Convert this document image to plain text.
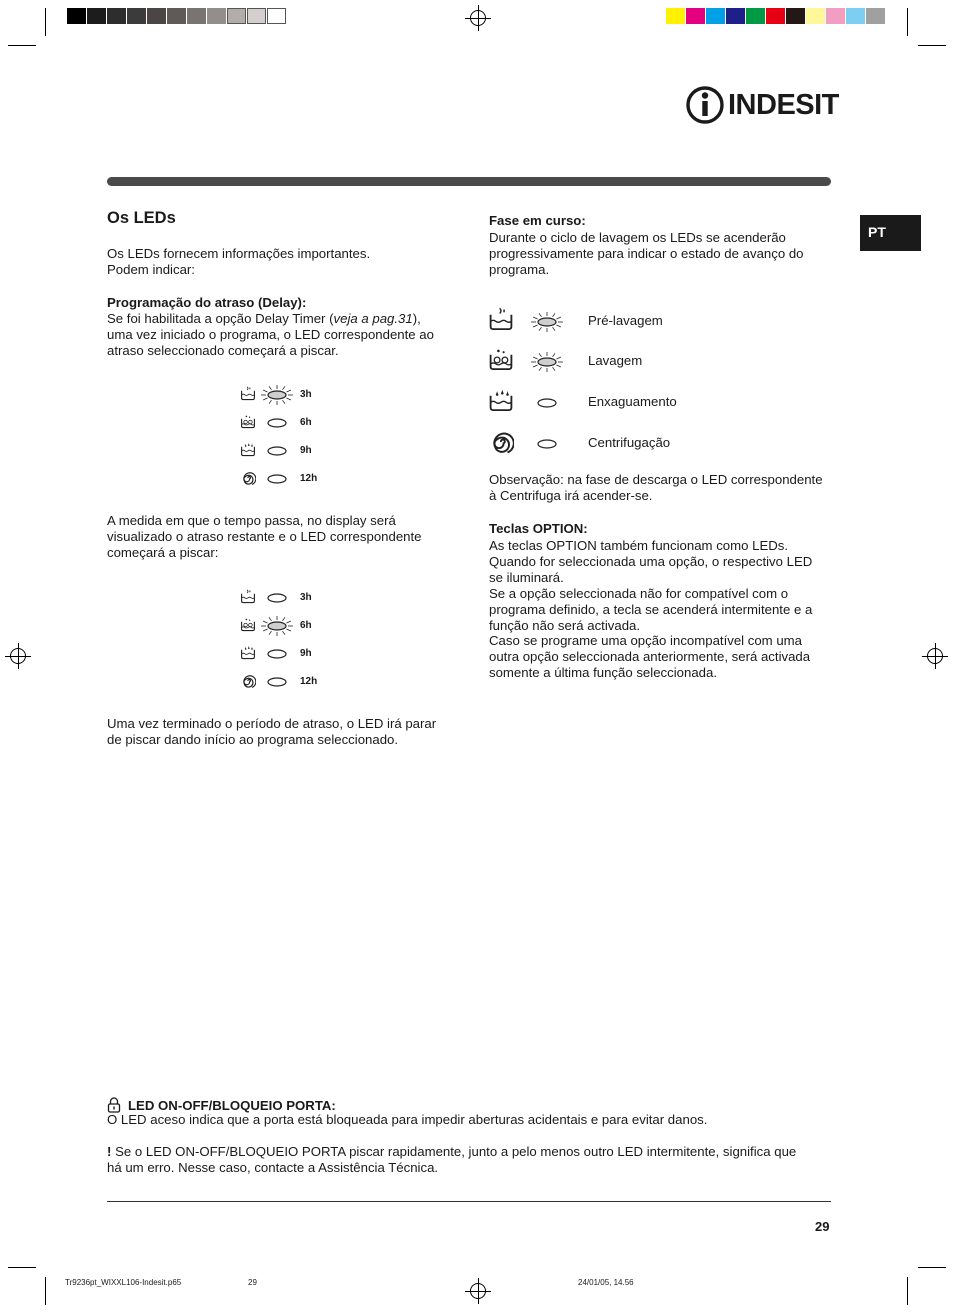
INDESIT
PT
Os LEDs
Os LEDs fornecem informações importantes.
Podem indicar:
Programação do atraso (Delay):
Se foi habilitada a opção Delay Timer (veja a pag.31),
uma vez iniciado o programa, o LED correspondente ao
atraso seleccionado começará a piscar.
3h
6h
9h
12h
A medida em que o tempo passa, no display será
visualizado o atraso restante e o LED correspondente
começará a piscar:
3h
6h
9h
12h
Uma vez terminado o período de atraso, o LED irá parar
de piscar dando início ao programa seleccionado.
Fase em curso:
Durante o ciclo de lavagem os LEDs se acenderão
progressivamente para indicar o estado de avanço do
programa.
Pré-lavagem
Lavagem
Enxaguamento
Centrifugação
Observação: na fase de descarga o LED correspondente
à Centrifuga irá acender-se.
Teclas OPTION:
As teclas OPTION também funcionam como LEDs.
Quando for seleccionada uma opção, o respectivo LED
se iluminará.
Se a opção seleccionada não for compatível com o
programa definido, a tecla se acenderá intermitente e a
função não será activada.
Caso se programe uma opção incompatível com uma
outra opção seleccionada anteriormente, será activada
somente a última função seleccionada.
LED ON-OFF/BLOQUEIO PORTA:
O LED aceso indica que a porta está bloqueada para impedir aberturas acidentais e para evitar danos.
! Se o LED ON-OFF/BLOQUEIO PORTA piscar rapidamente, junto a pelo menos outro LED intermitente, significa que
há um erro. Nesse caso, contacte a Assistência Técnica.
29
Tr9236pt_WIXXL106-Indesit.p65	29	24/01/05, 14.56
